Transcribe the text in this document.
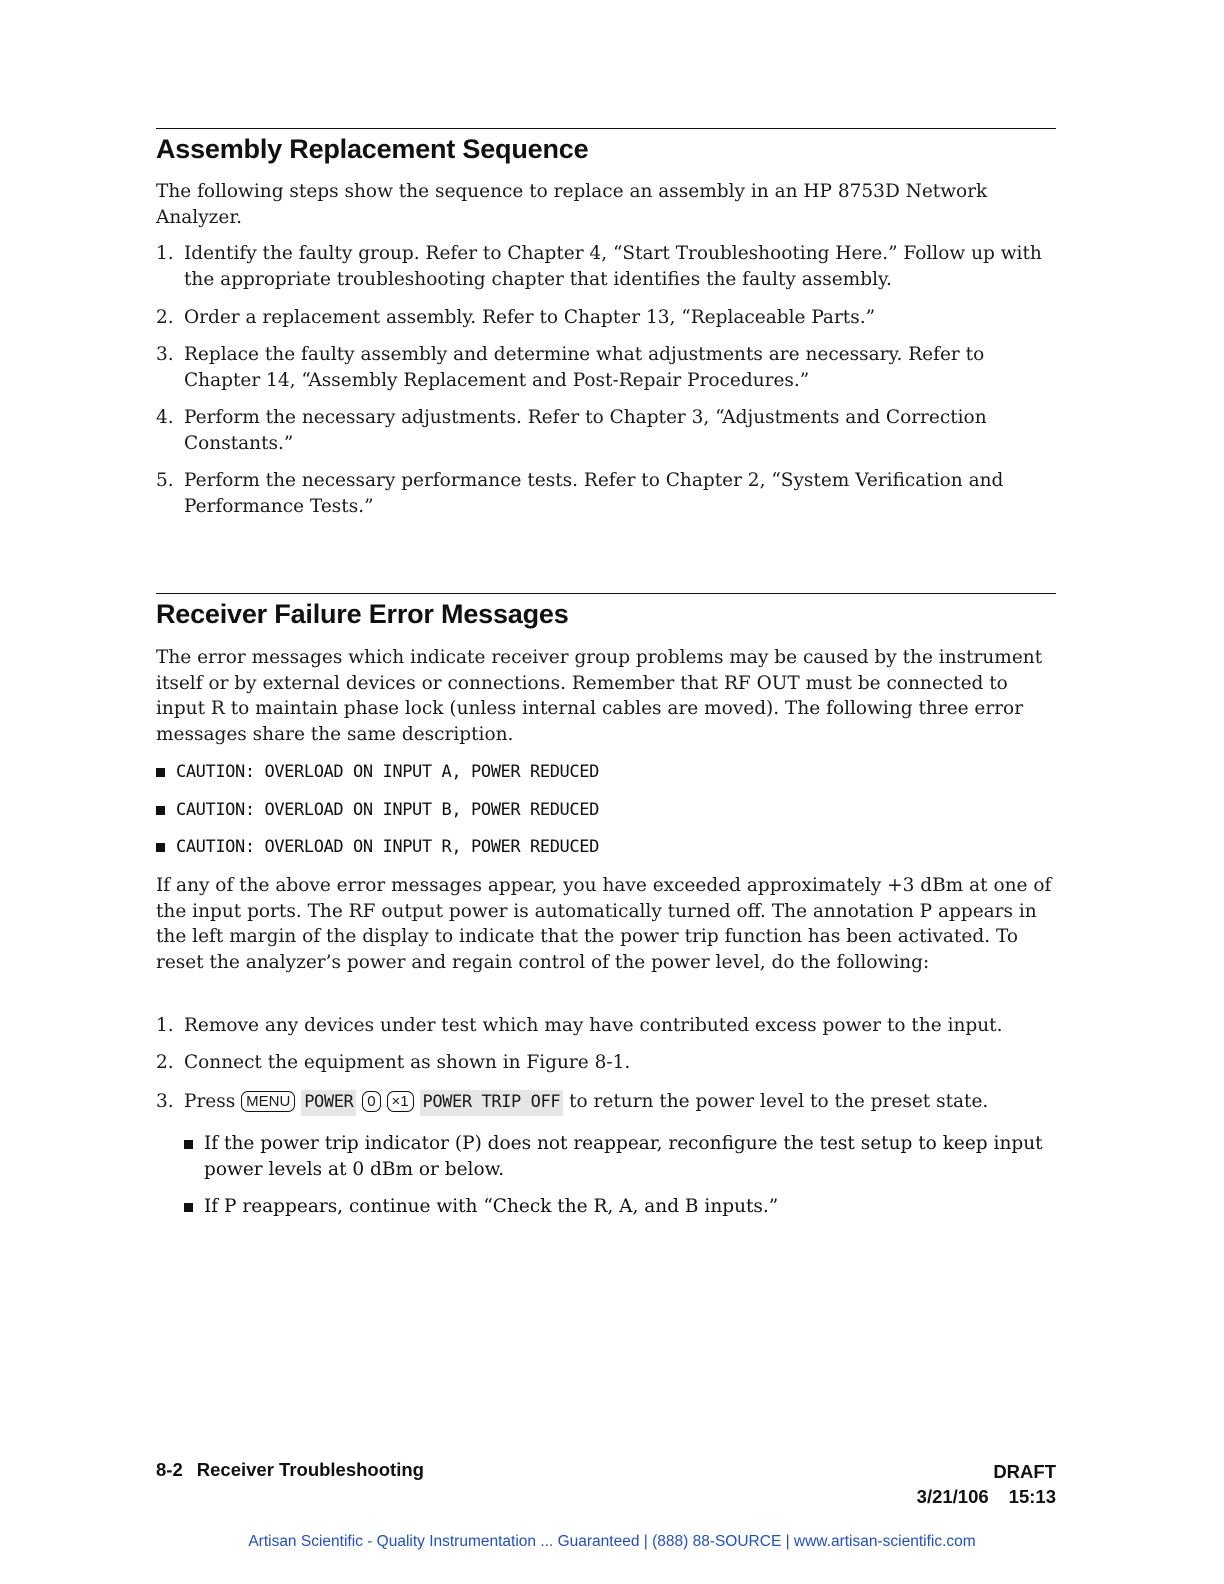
Assembly Replacement Sequence

The following steps show the sequence to replace an assembly in an HP 8753D Network Analyzer.

1. Identify the faulty group. Refer to Chapter 4, “Start Troubleshooting Here.” Follow up with the appropriate troubleshooting chapter that identifies the faulty assembly.
2. Order a replacement assembly. Refer to Chapter 13, “Replaceable Parts.”
3. Replace the faulty assembly and determine what adjustments are necessary. Refer to Chapter 14, “Assembly Replacement and Post-Repair Procedures.”
4. Perform the necessary adjustments. Refer to Chapter 3, “Adjustments and Correction Constants.”
5. Perform the necessary performance tests. Refer to Chapter 2, “System Verification and Performance Tests.”
Receiver Failure Error Messages

The error messages which indicate receiver group problems may be caused by the instrument itself or by external devices or connections. Remember that RF OUT must be connected to input R to maintain phase lock (unless internal cables are moved). The following three error messages share the same description.

CAUTION: OVERLOAD ON INPUT A, POWER REDUCED
CAUTION: OVERLOAD ON INPUT B, POWER REDUCED
CAUTION: OVERLOAD ON INPUT R, POWER REDUCED

If any of the above error messages appear, you have exceeded approximately +3 dBm at one of the input ports. The RF output power is automatically turned off. The annotation P appears in the left margin of the display to indicate that the power trip function has been activated. To reset the analyzer’s power and regain control of the power level, do the following:

1. Remove any devices under test which may have contributed excess power to the input.
2. Connect the equipment as shown in Figure 8-1.
3. Press MENU POWER 0 ×1 POWER TRIP OFF to return the power level to the preset state.
If the power trip indicator (P) does not reappear, reconfigure the test setup to keep input power levels at 0 dBm or below.
If P reappears, continue with “Check the R, A, and B inputs.”
8-2 Receiver Troubleshooting	DRAFT
3/21/106 15:13
Artisan Scientific - Quality Instrumentation ... Guaranteed | (888) 88-SOURCE | www.artisan-scientific.com
